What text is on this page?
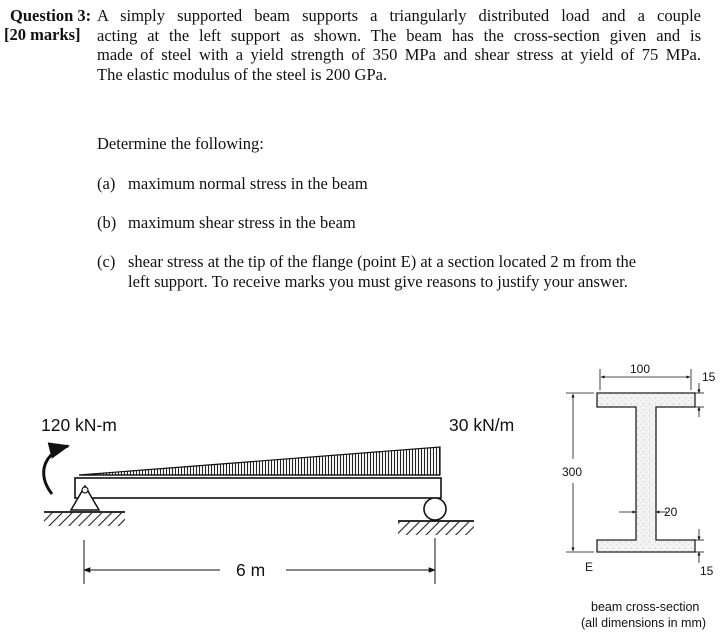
Question 3:
[20 marks]
A simply supported beam supports a triangularly distributed load and a couple
acting at the left support as shown. The beam has the cross-section given and is
made of steel with a yield strength of 350 MPa and shear stress at yield of 75 MPa.
The elastic modulus of the steel is 200 GPa.
Determine the following:
(a) maximum normal stress in the beam
(b) maximum shear stress in the beam
(c) shear stress at the tip of the flange (point E) at a section located 2 m from the
left support. To receive marks you must give reasons to justify your answer.
120 kN-m	30 kN/m
6 m
100
15
300
20
15
E
beam cross-section
(all dimensions in mm)
